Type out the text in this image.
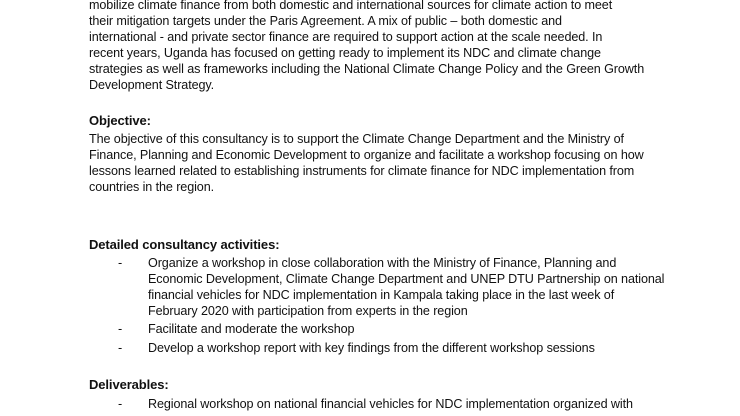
mobilize climate finance from both domestic and international sources for climate action to meet
their mitigation targets under the Paris Agreement. A mix of public – both domestic and
international - and private sector finance are required to support action at the scale needed. In
recent years, Uganda has focused on getting ready to implement its NDC and climate change
strategies as well as frameworks including the National Climate Change Policy and the Green Growth
Development Strategy.
Objective:
The objective of this consultancy is to support the Climate Change Department and the Ministry of
Finance, Planning and Economic Development to organize and facilitate a workshop focusing on how
lessons learned related to establishing instruments for climate finance for NDC implementation from
countries in the region.
Detailed consultancy activities:
- Organize a workshop in close collaboration with the Ministry of Finance, Planning and
Economic Development, Climate Change Department and UNEP DTU Partnership on national
financial vehicles for NDC implementation in Kampala taking place in the last week of
February 2020 with participation from experts in the region
- Facilitate and moderate the workshop
- Develop a workshop report with key findings from the different workshop sessions
Deliverables:
- Regional workshop on national financial vehicles for NDC implementation organized with
